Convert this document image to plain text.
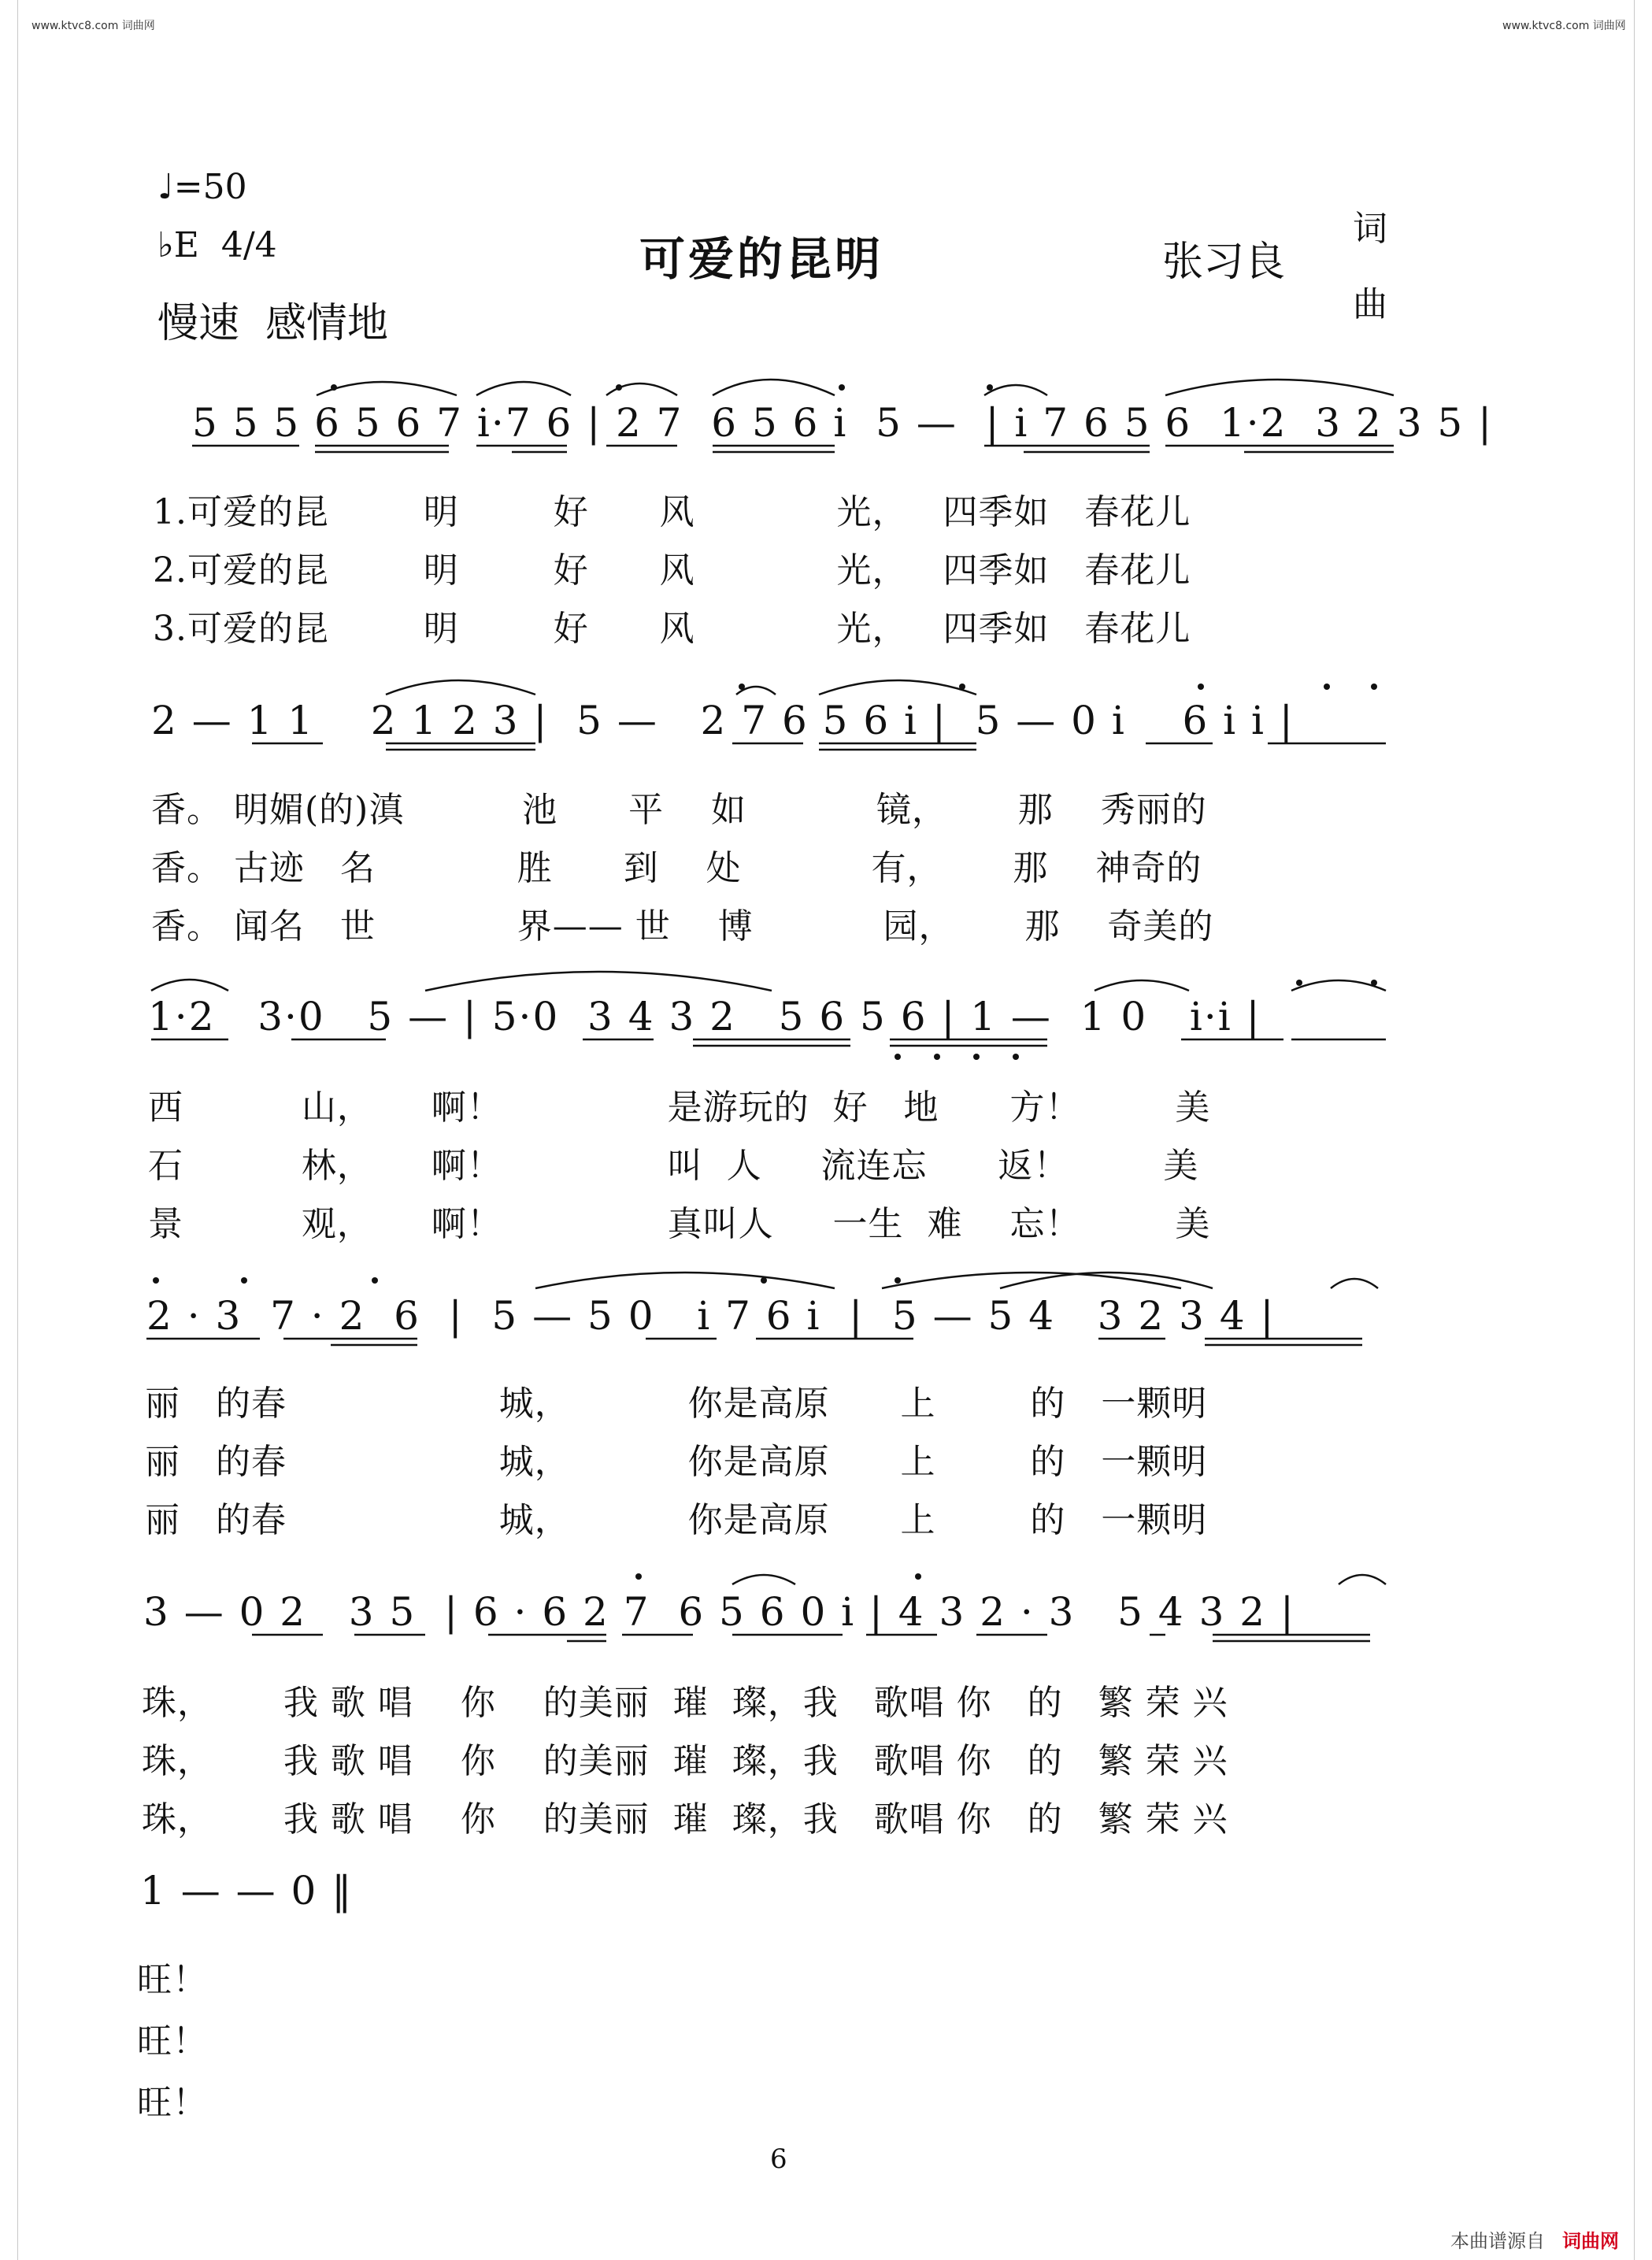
www.ktvc8.com 词曲网	www.ktvc8.com 词曲网
♩=50
♭E  4/4
慢速  感情地
可爱的昆明	张习良
词
曲
5 5 5 6 5 6 7 i·7 6 | 2 7  6 5 6 i  5 —  | i 7 6 5 6  1·2  3 2 3 5 |
1.可爱的昆        明        好      风            光，   四季如   春花儿
2.可爱的昆        明        好      风            光，   四季如   春花儿
3.可爱的昆        明        好      风            光，   四季如   春花儿
2 — 1 1    2 1 2 3 |  5 —   2 7 6 5 6 i |  5 — 0 i    6 i i |
香。 明媚(的)滇          池      平    如           镜，      那    秀丽的
香。 古迹   名            胜      到    处           有，      那    神奇的
香。 闻名   世            界—— 世    博           园，      那    奇美的
1·2   3·0   5 — | 5·0  3 4 3 2   5 6 5 6 | 1 —  1 0   i·i |
西          山，     啊！              是游玩的  好   地      方！        美
石          林，     啊！              叫  人     流连忘      返！        美
景          观，     啊！              真叫人     一生  难    忘！        美
2 · 3  7 · 2  6  |  5 — 5 0   i 7 6 i  |  5 — 5 4   3 2 3 4 |
丽   的春                  城，          你是高原      上        的   一颗明
丽   的春                  城，          你是高原      上        的   一颗明
丽   的春                  城，          你是高原      上        的   一颗明
3 — 0 2   3 5  | 6 · 6 2 7  6 5 6 0 i | 4 3 2 · 3   5 4 3 2 |
珠，      我 歌 唱    你    的美丽  璀  璨，我   歌唱 你   的   繁 荣 兴
珠，      我 歌 唱    你    的美丽  璀  璨，我   歌唱 你   的   繁 荣 兴
珠，      我 歌 唱    你    的美丽  璀  璨，我   歌唱 你   的   繁 荣 兴
1 — — 0 ‖
旺！
旺！
旺！
6
本曲谱源自 词曲网
